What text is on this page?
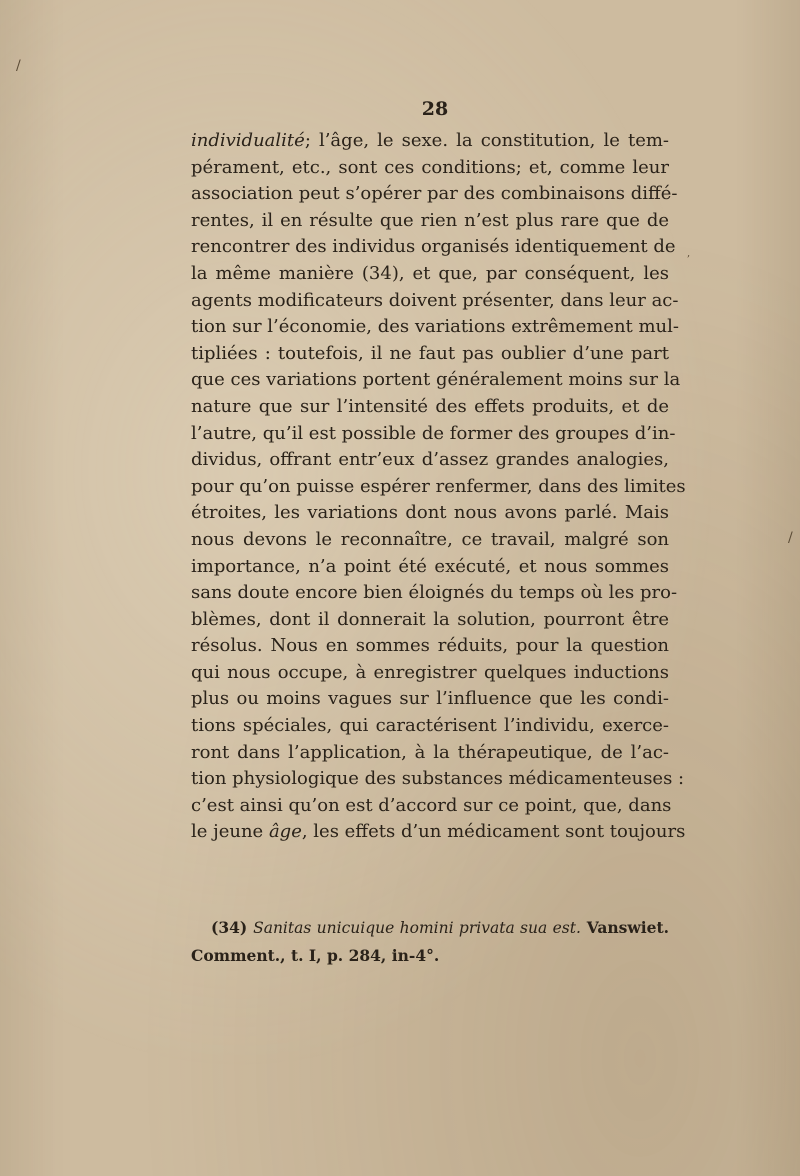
28
individualité; l’âge, le sexe. la constitution, le tem-
pérament, etc., sont ces conditions; et, comme leur
association peut s’opérer par des combinaisons diffé-
rentes, il en résulte que rien n’est plus rare que de
rencontrer des individus organisés identiquement de
la même manière (34), et que, par conséquent, les
agents modificateurs doivent présenter, dans leur ac-
tion sur l’économie, des variations extrêmement mul-
tipliées : toutefois, il ne faut pas oublier d’une part
que ces variations portent généralement moins sur la
nature que sur l’intensité des effets produits, et de
l’autre, qu’il est possible de former des groupes d’in-
dividus, offrant entr’eux d’assez grandes analogies,
pour qu’on puisse espérer renfermer, dans des limites
étroites, les variations dont nous avons parlé. Mais
nous devons le reconnaître, ce travail, malgré son
importance, n’a point été exécuté, et nous sommes
sans doute encore bien éloignés du temps où les pro-
blèmes, dont il donnerait la solution, pourront être
résolus. Nous en sommes réduits, pour la question
qui nous occupe, à enregistrer quelques inductions
plus ou moins vagues sur l’influence que les condi-
tions spéciales, qui caractérisent l’individu, exerce-
ront dans l’application, à la thérapeutique, de l’ac-
tion physiologique des substances médicamenteuses :
c’est ainsi qu’on est d’accord sur ce point, que, dans
le jeune âge, les effets d’un médicament sont toujours
(34) Sanitas unicuique homini privata sua est. Vanswiet.
Comment., t. I, p. 284, in-4°.
/
/
,
